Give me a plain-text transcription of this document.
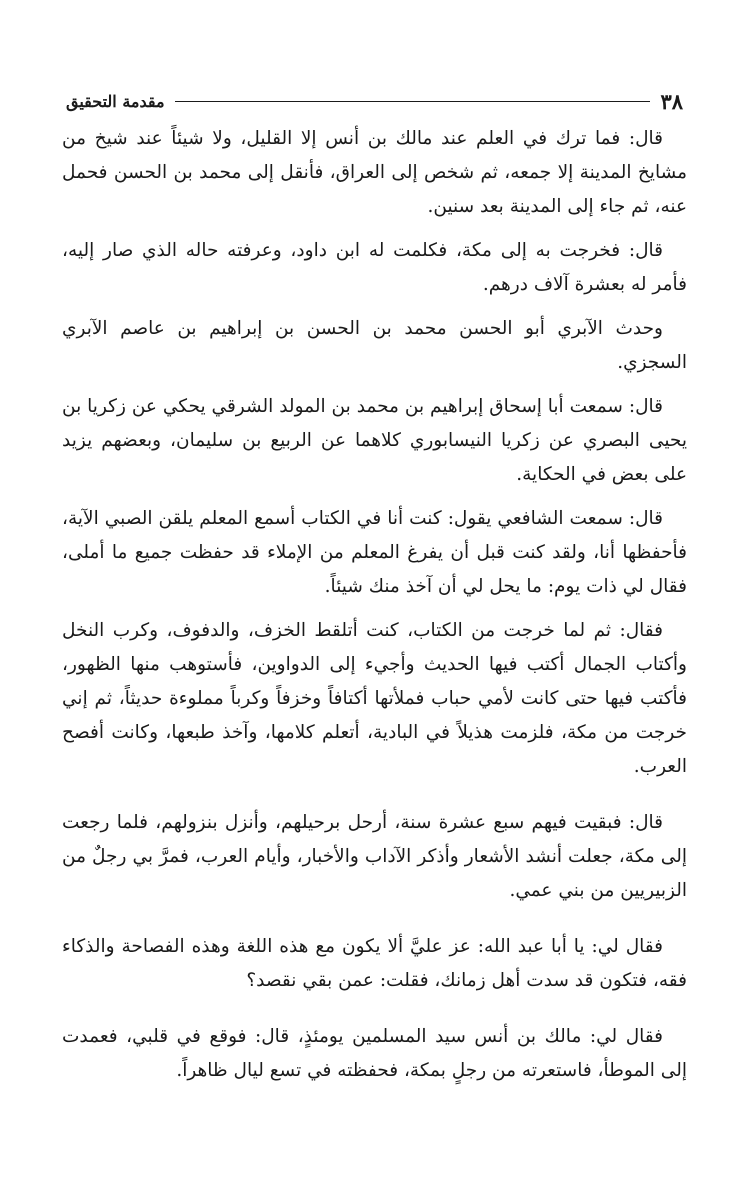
٣٨
مقدمة التحقيق

قال: فما ترك في العلم عند مالك بن أنس إلا القليل، ولا شيئاً عند شيخ من مشايخ المدينة إلا جمعه، ثم شخص إلى العراق، فأنقل إلى محمد بن الحسن فحمل عنه، ثم جاء إلى المدينة بعد سنين.

قال: فخرجت به إلى مكة، فكلمت له ابن داود، وعرفته حاله الذي صار إليه، فأمر له بعشرة آلاف درهم.

وحدث الآبري أبو الحسن محمد بن الحسن بن إبراهيم بن عاصم الآبري السجزي.

قال: سمعت أبا إسحاق إبراهيم بن محمد بن المولد الشرقي يحكي عن زكريا بن يحيى البصري عن زكريا النيسابوري كلاهما عن الربيع بن سليمان، وبعضهم يزيد على بعض في الحكاية.

قال: سمعت الشافعي يقول: كنت أنا في الكتاب أسمع المعلم يلقن الصبي الآية، فأحفظها أنا، ولقد كنت قبل أن يفرغ المعلم من الإملاء قد حفظت جميع ما أملى، فقال لي ذات يوم: ما يحل لي أن آخذ منك شيئاً.

فقال: ثم لما خرجت من الكتاب، كنت أتلقط الخزف، والدفوف، وكرب النخل وأكتاب الجمال أكتب فيها الحديث وأجيء إلى الدواوين، فأستوهب منها الظهور، فأكتب فيها حتى كانت لأمي حباب فملأتها أكتافاً وخزفاً وكرباً مملوءة حديثاً، ثم إني خرجت من مكة، فلزمت هذيلاً في البادية، أتعلم كلامها، وآخذ طبعها، وكانت أفصح العرب.

قال: فبقيت فيهم سبع عشرة سنة، أرحل برحيلهم، وأنزل بنزولهم، فلما رجعت إلى مكة، جعلت أنشد الأشعار وأذكر الآداب والأخبار، وأيام العرب، فمرَّ بي رجلٌ من الزبيريين من بني عمي.

فقال لي: يا أبا عبد الله: عز عليَّ ألا يكون مع هذه اللغة وهذه الفصاحة والذكاء فقه، فتكون قد سدت أهل زمانك، فقلت: عمن بقي نقصد؟

فقال لي: مالك بن أنس سيد المسلمين يومئذٍ، قال: فوقع في قلبي، فعمدت إلى الموطأ، فاستعرته من رجلٍ بمكة، فحفظته في تسع ليال ظاهراً.
